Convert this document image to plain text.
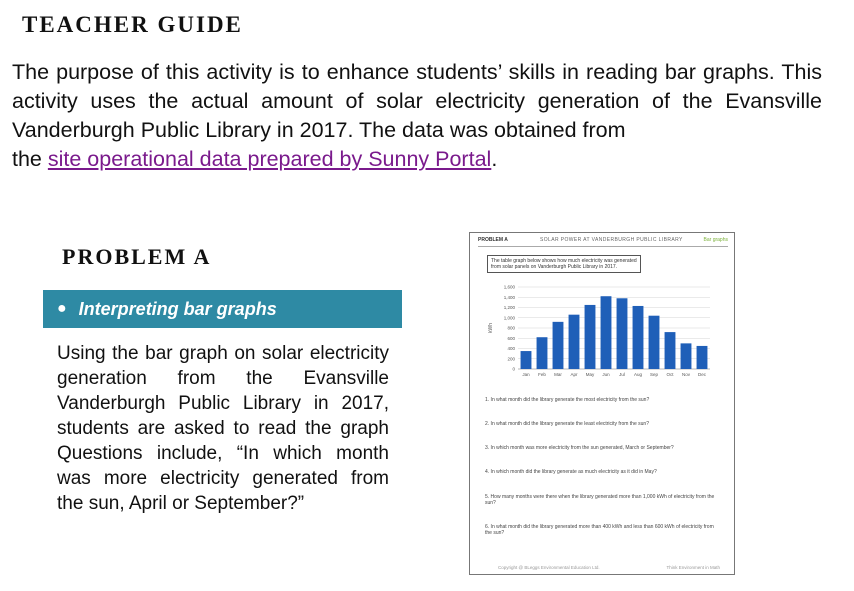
TEACHER GUIDE
The purpose of this activity is to enhance students’ skills in reading bar graphs. This activity uses the actual amount of solar electricity generation of the Evansville Vanderburgh Public Library in 2017. The data was obtained from
the site operational data prepared by Sunny Portal.
PROBLEM A
● Interpreting bar graphs
Using the bar graph on solar electricity generation from the Evansville Vanderburgh Public Library in 2017, students are asked to read the graph Questions include, “In which month was more electricity generated from the sun, April or September?”
PROBLEM A	SOLAR POWER AT VANDERBURGH PUBLIC LIBRARY	Bar graphs
The table graph below shows how much electricity was generated from solar panels on Vanderburgh Public Library in 2017.
0
200
400
600
800
1,000
1,200
1,400
1,600
kWh
Jan Feb Mar Apr May Jun Jul Aug Sep Oct Nov Dec
1. In what month did the library generate the most electricity from the sun?
2. In what month did the library generate the least electricity from the sun?
3. In which month was more electricity from the sun generated, March or September?
4. In which month did the library generate as much electricity as it did in May?
5. How many months were there when the library generated more than 1,000 kWh of electricity from the sun?
6. In what month did the library generated more than 400 kWh and less than 600 kWh of electricity from the sun?
Copyright @ BLeggs Environmental Education Ltd.	Think Environment in Math
